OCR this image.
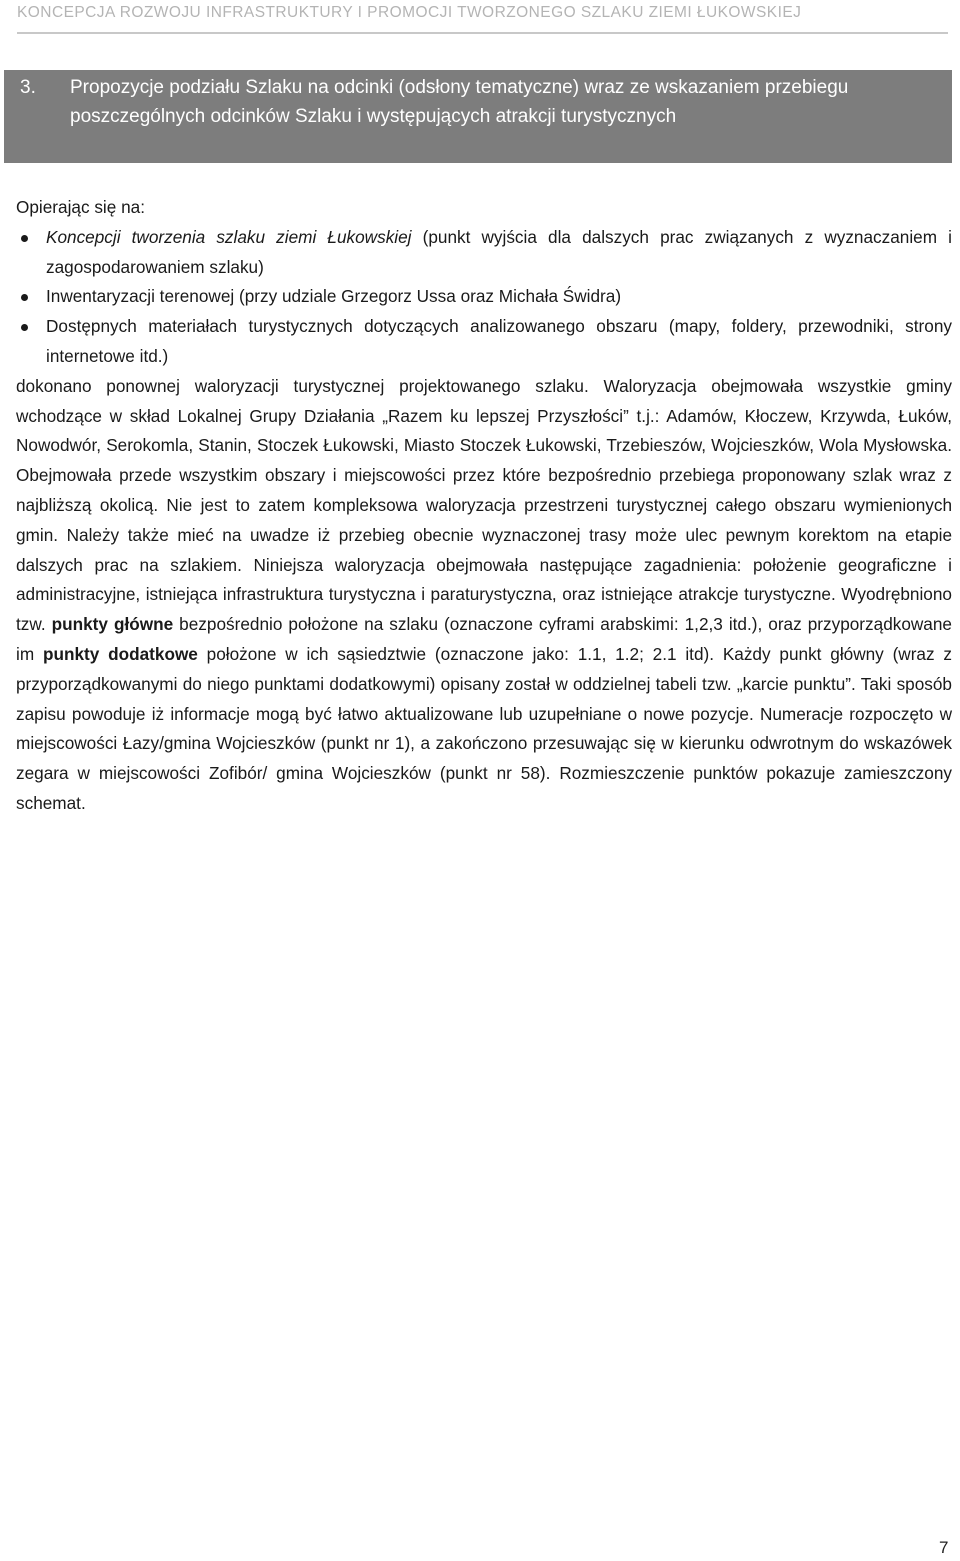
KONCEPCJA ROZWOJU INFRASTRUKTURY I PROMOCJI TWORZONEGO SZLAKU ZIEMI ŁUKOWSKIEJ
3. Propozycje podziału Szlaku na odcinki (odsłony tematyczne) wraz ze wskazaniem przebiegu poszczególnych odcinków Szlaku i występujących atrakcji turystycznych

Opierając się na:

Koncepcji tworzenia szlaku ziemi Łukowskiej (punkt wyjścia dla dalszych prac związanych z wyznaczaniem i zagospodarowaniem szlaku)
Inwentaryzacji terenowej (przy udziale Grzegorz Ussa oraz Michała Świdra)
Dostępnych materiałach turystycznych dotyczących analizowanego obszaru (mapy, foldery, przewodniki, strony internetowe itd.)

dokonano ponownej waloryzacji turystycznej projektowanego szlaku. Waloryzacja obejmowała wszystkie gminy wchodzące w skład Lokalnej Grupy Działania „Razem ku lepszej Przyszłości” t.j.: Adamów, Kłoczew, Krzywda, Łuków, Nowodwór, Serokomla, Stanin, Stoczek Łukowski, Miasto Stoczek Łukowski, Trzebieszów, Wojcieszków, Wola Mysłowska. Obejmowała przede wszystkim obszary i miejscowości przez które bezpośrednio przebiega proponowany szlak wraz z najbliższą okolicą. Nie jest to zatem kompleksowa waloryzacja przestrzeni turystycznej całego obszaru wymienionych gmin. Należy także mieć na uwadze iż przebieg obecnie wyznaczonej trasy może ulec pewnym korektom na etapie dalszych prac na szlakiem. Niniejsza waloryzacja obejmowała następujące zagadnienia: położenie geograficzne i administracyjne, istniejąca infrastruktura turystyczna i paraturystyczna, oraz istniejące atrakcje turystyczne. Wyodrębniono tzw. punkty główne bezpośrednio położone na szlaku (oznaczone cyframi arabskimi: 1,2,3 itd.), oraz przyporządkowane im punkty dodatkowe położone w ich sąsiedztwie (oznaczone jako: 1.1, 1.2; 2.1 itd). Każdy punkt główny (wraz z przyporządkowanymi do niego punktami dodatkowymi) opisany został w oddzielnej tabeli tzw. „karcie punktu”. Taki sposób zapisu powoduje iż informacje mogą być łatwo aktualizowane lub uzupełniane o nowe pozycje. Numeracje rozpoczęto w miejscowości Łazy/gmina Wojcieszków (punkt nr 1), a zakończono przesuwając się w kierunku odwrotnym do wskazówek zegara w miejscowości Zofibór/ gmina Wojcieszków (punkt nr 58). Rozmieszczenie punktów pokazuje zamieszczony schemat.

7
